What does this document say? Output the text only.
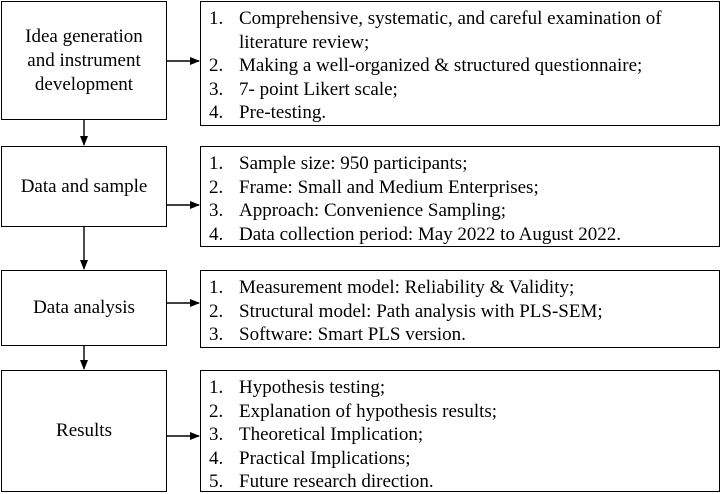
Idea generation and instrument development
1. Comprehensive, systematic, and careful examination of literature review;
2. Making a well-organized & structured questionnaire;
3. 7- point Likert scale;
4. Pre-testing.
Data and sample
1. Sample size: 950 participants;
2. Frame: Small and Medium Enterprises;
3. Approach: Convenience Sampling;
4. Data collection period: May 2022 to August 2022.
Data analysis
1. Measurement model: Reliability & Validity;
2. Structural model: Path analysis with PLS-SEM;
3. Software: Smart PLS version.
Results
1. Hypothesis testing;
2. Explanation of hypothesis results;
3. Theoretical Implication;
4. Practical Implications;
5. Future research direction.
